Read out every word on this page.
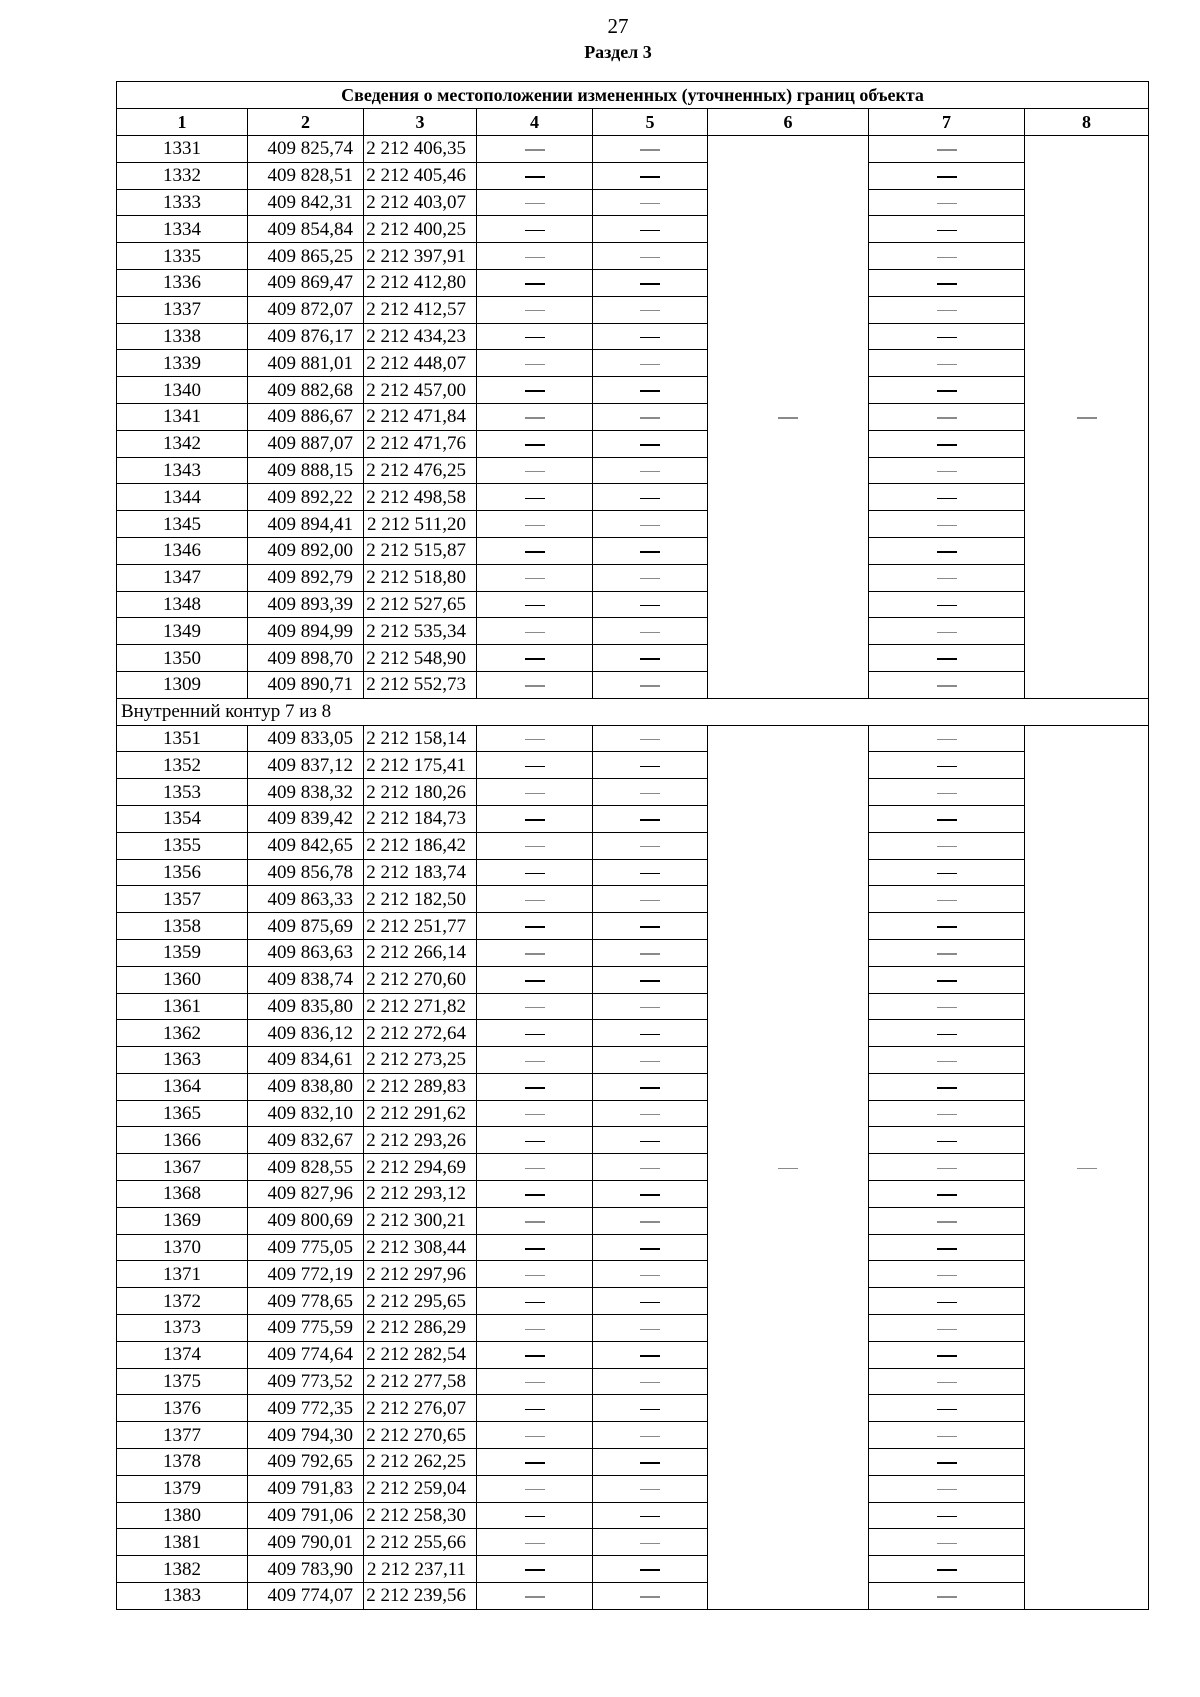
27
Раздел 3
Сведения о местоположении измененных (уточненных) границ объекта							
1	2	3	4	5	6	7	8
1331	409 825,74	2 212 406,35					
1332	409 828,51	2 212 405,46					
1333	409 842,31	2 212 403,07					
1334	409 854,84	2 212 400,25					
1335	409 865,25	2 212 397,91					
1336	409 869,47	2 212 412,80					
1337	409 872,07	2 212 412,57					
1338	409 876,17	2 212 434,23					
1339	409 881,01	2 212 448,07					
1340	409 882,68	2 212 457,00					
1341	409 886,67	2 212 471,84					
1342	409 887,07	2 212 471,76					
1343	409 888,15	2 212 476,25					
1344	409 892,22	2 212 498,58					
1345	409 894,41	2 212 511,20					
1346	409 892,00	2 212 515,87					
1347	409 892,79	2 212 518,80					
1348	409 893,39	2 212 527,65					
1349	409 894,99	2 212 535,34					
1350	409 898,70	2 212 548,90					
1309	409 890,71	2 212 552,73					
Внутренний контур 7 из 8							
1351	409 833,05	2 212 158,14					
1352	409 837,12	2 212 175,41					
1353	409 838,32	2 212 180,26					
1354	409 839,42	2 212 184,73					
1355	409 842,65	2 212 186,42					
1356	409 856,78	2 212 183,74					
1357	409 863,33	2 212 182,50					
1358	409 875,69	2 212 251,77					
1359	409 863,63	2 212 266,14					
1360	409 838,74	2 212 270,60					
1361	409 835,80	2 212 271,82					
1362	409 836,12	2 212 272,64					
1363	409 834,61	2 212 273,25					
1364	409 838,80	2 212 289,83					
1365	409 832,10	2 212 291,62					
1366	409 832,67	2 212 293,26					
1367	409 828,55	2 212 294,69					
1368	409 827,96	2 212 293,12					
1369	409 800,69	2 212 300,21					
1370	409 775,05	2 212 308,44					
1371	409 772,19	2 212 297,96					
1372	409 778,65	2 212 295,65					
1373	409 775,59	2 212 286,29					
1374	409 774,64	2 212 282,54					
1375	409 773,52	2 212 277,58					
1376	409 772,35	2 212 276,07					
1377	409 794,30	2 212 270,65					
1378	409 792,65	2 212 262,25					
1379	409 791,83	2 212 259,04					
1380	409 791,06	2 212 258,30					
1381	409 790,01	2 212 255,66					
1382	409 783,90	2 212 237,11					
1383	409 774,07	2 212 239,56					
